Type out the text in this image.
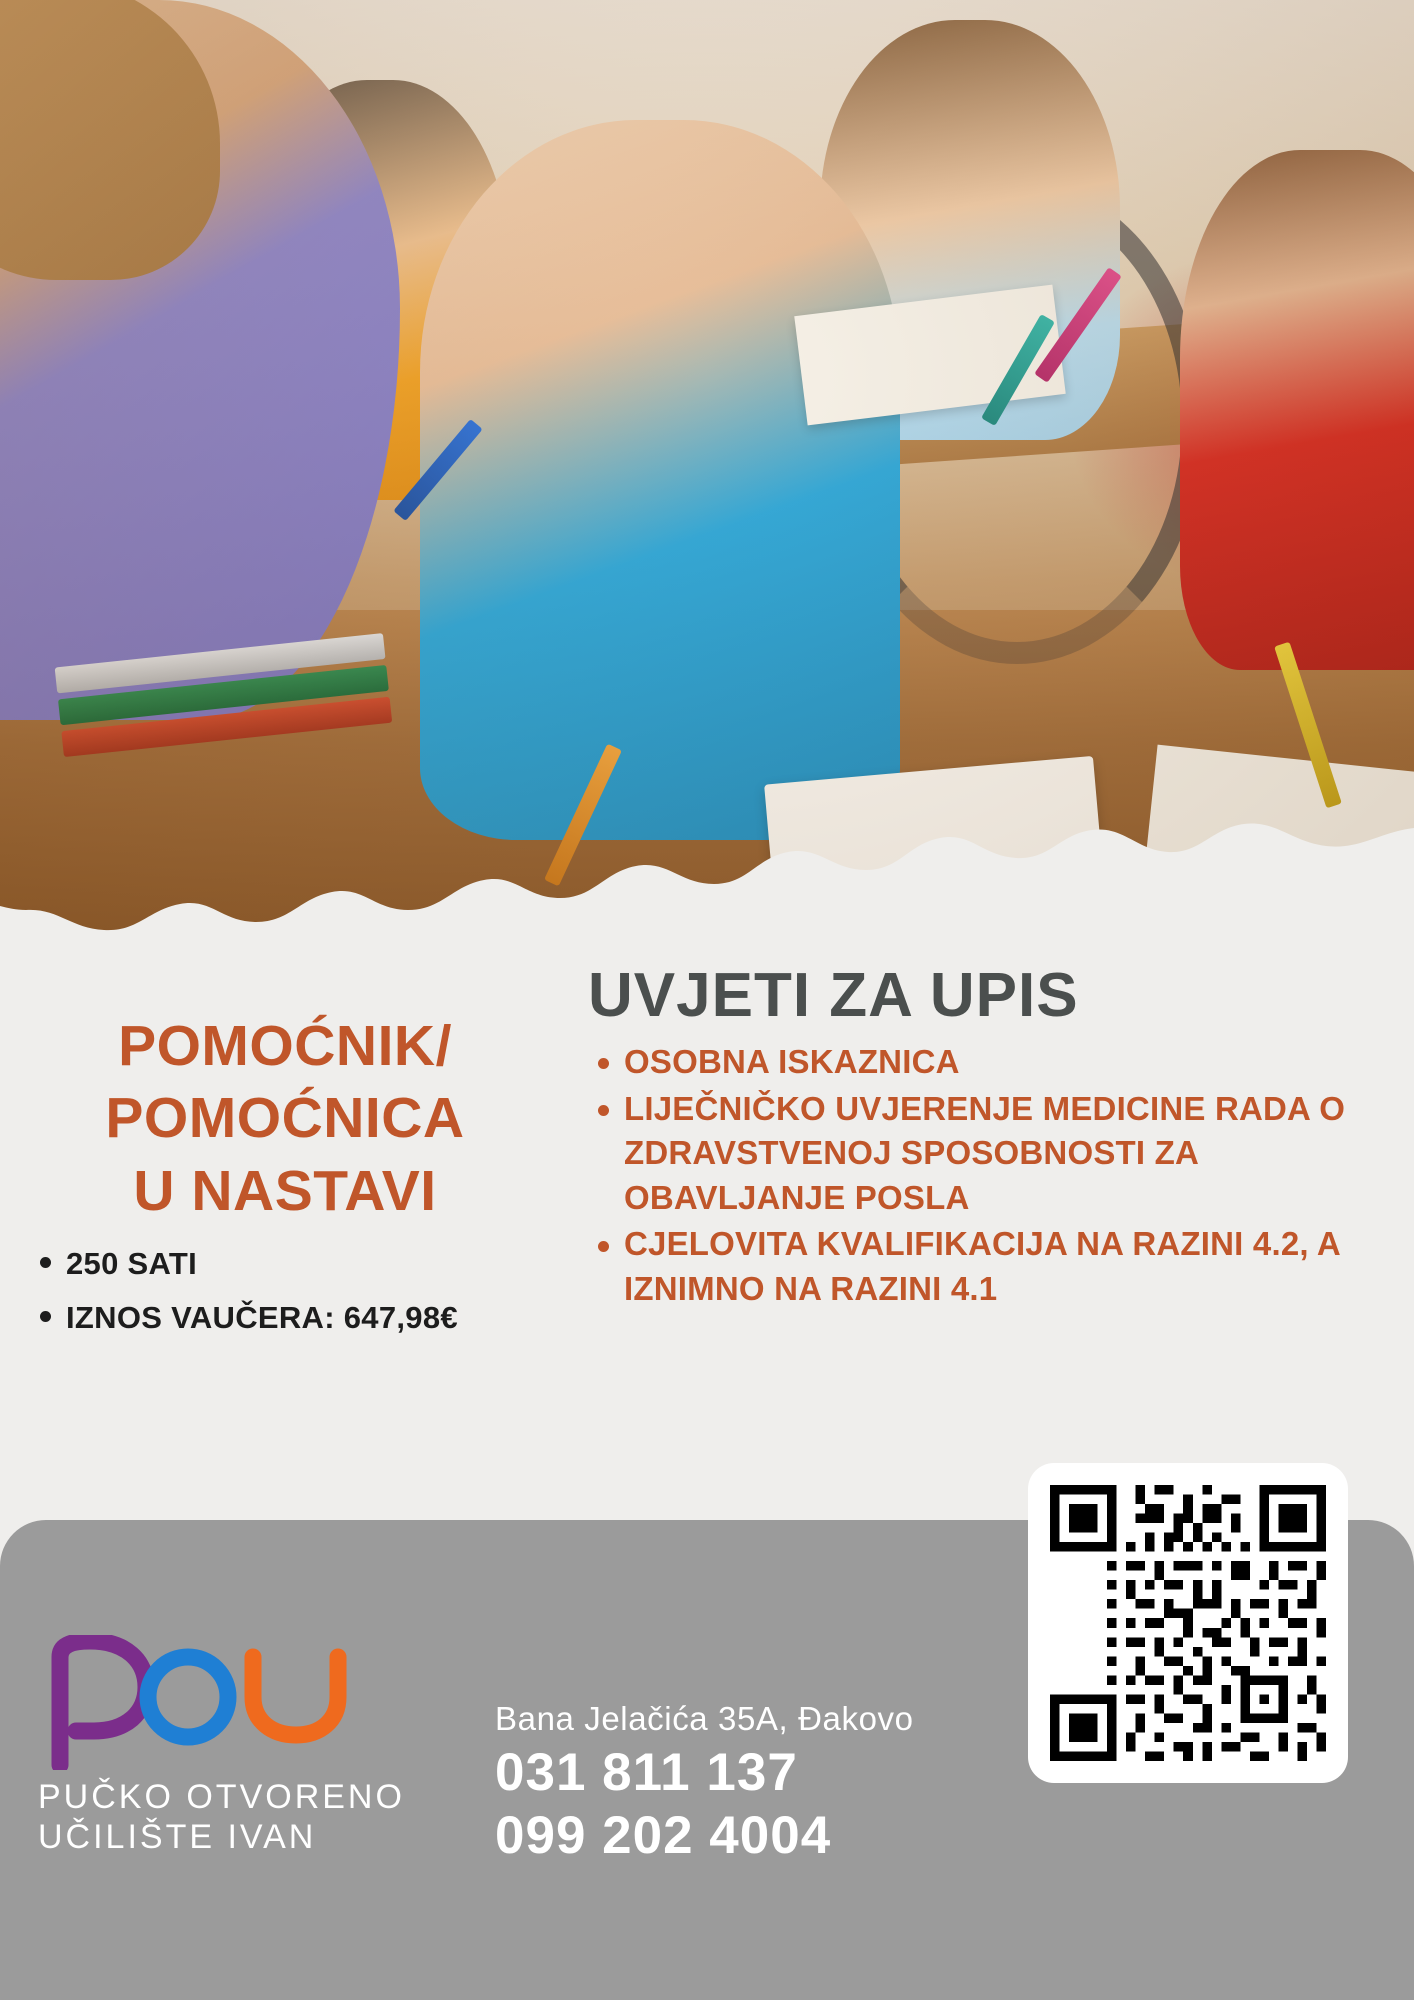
POMOĆNIK/
POMOĆNICA
U NASTAVI
250 SATI
IZNOS VAUČERA: 647,98€
UVJETI ZA UPIS
OSOBNA ISKAZNICA
LIJEČNIČKO UVJERENJE MEDICINE RADA O ZDRAVSTVENOJ SPOSOBNOSTI ZA OBAVLJANJE POSLA
CJELOVITA KVALIFIKACIJA NA RAZINI 4.2, A IZNIMNO NA RAZINI 4.1
PUČKO OTVORENO
UČILIŠTE IVAN
Bana Jelačića 35A, Đakovo
031 811 137
099 202 4004
